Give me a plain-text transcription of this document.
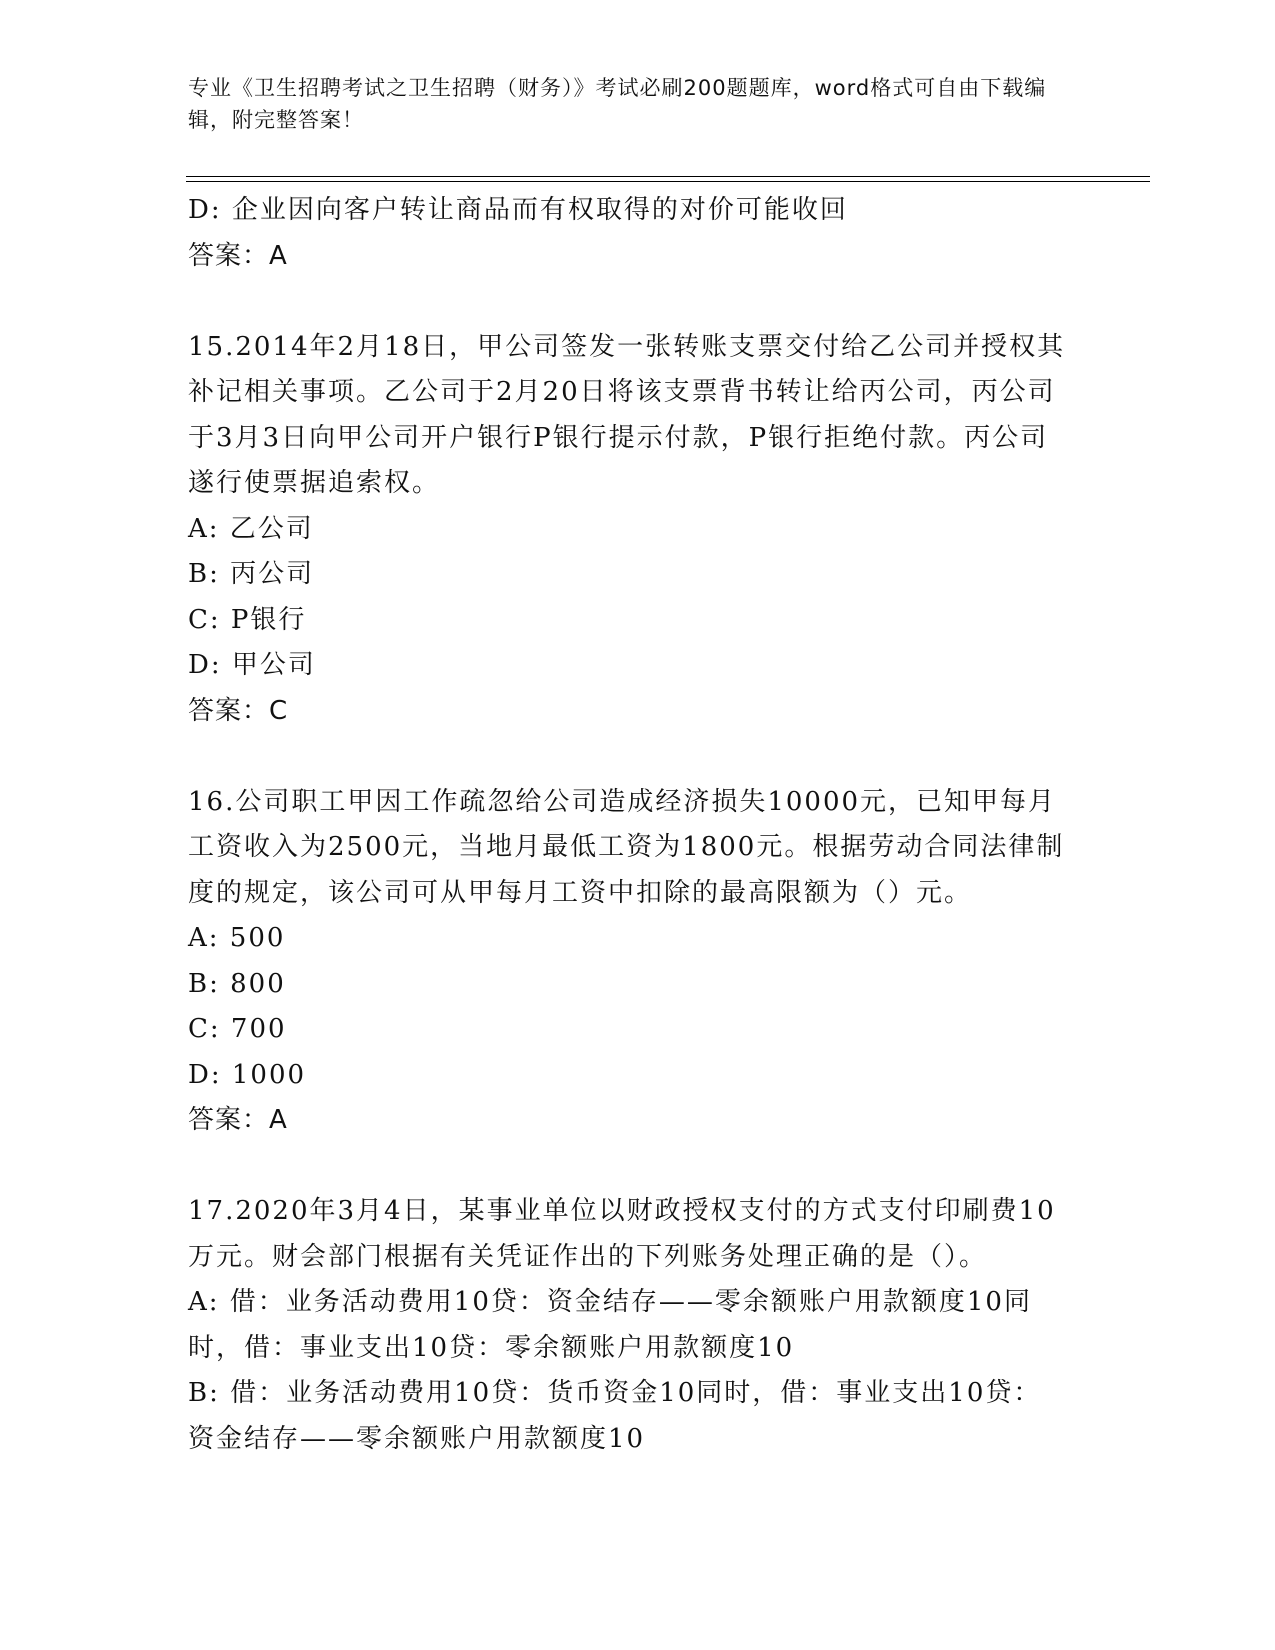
专业《卫生招聘考试之卫生招聘（财务）》考试必刷200题题库，word格式可自由下载编辑，附完整答案！

D: 企业因向客户转让商品而有权取得的对价可能收回

答案：A

15.2014年2月18日，甲公司签发一张转账支票交付给乙公司并授权其补记相关事项。乙公司于2月20日将该支票背书转让给丙公司，丙公司于3月3日向甲公司开户银行P银行提示付款，P银行拒绝付款。丙公司遂行使票据追索权。

A: 乙公司

B: 丙公司

C: P银行

D: 甲公司

答案：C

16.公司职工甲因工作疏忽给公司造成经济损失10000元，已知甲每月工资收入为2500元，当地月最低工资为1800元。根据劳动合同法律制度的规定，该公司可从甲每月工资中扣除的最高限额为（）元。

A: 500

B: 800

C: 700

D: 1000

答案：A

17.2020年3月4日，某事业单位以财政授权支付的方式支付印刷费10万元。财会部门根据有关凭证作出的下列账务处理正确的是（）。

A: 借：业务活动费用10贷：资金结存——零余额账户用款额度10同时，借：事业支出10贷：零余额账户用款额度10

B: 借：业务活动费用10贷：货币资金10同时，借：事业支出10贷：资金结存——零余额账户用款额度10
